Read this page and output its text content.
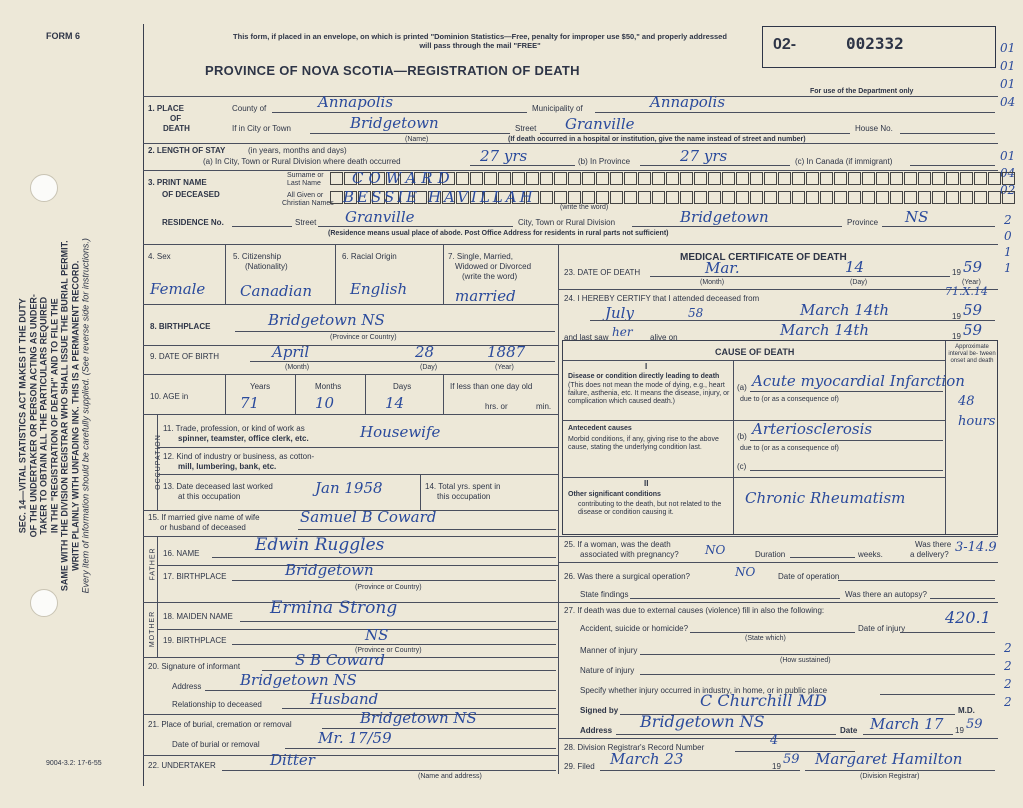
SEC. 14—VITAL STATISTICS ACT MAKES IT THE DUTY OF THE UNDERTAKER OR PERSON ACTING AS UNDER- TAKER TO OBTAIN ALL THE PARTICULARS REQUIRED IN THE "REGISTRATION OF DEATH" AND TO FILE THE SAME WITH THE DIVISION REGISTRAR WHO SHALL ISSUE THE BURIAL PERMIT. WRITE PLAINLY WITH UNFADING INK. THIS IS A PERMANENT RECORD. Every item of information should be carefully supplied. (See reverse side for instructions.)
FORM 6
9004-3.2: 17-6-55
This form, if placed in an envelope, on which is printed "Dominion Statistics—Free, penalty for improper use $50," and properly addressed will pass through the mail "FREE"
PROVINCE OF NOVA SCOTIA—REGISTRATION OF DEATH
02-	002332
For use of the Department only
01
01
01
04
01
04
02
2
0
1
1
2
2
2
2
1. PLACE
OF
DEATH
County of	Annapolis	Municipality of	Annapolis
If in City or Town	Bridgetown
(Name)
Street Granville	House No.
(If death occurred in a hospital or institution, give the name instead of street and number)
2. LENGTH OF STAY	(in years, months and days)
(a) In City, Town or Rural Division where death occurred	27 yrs	(b) In Province	27 yrs	(c) In Canada (if immigrant)
3. PRINT NAME
OF DECEASED
Surname or
Last Name
All Given or
Christian Names
(write the word)
COWARD
BESSIE HAVILLAH
RESIDENCE No.	Street Granville	City, Town or Rural Division	Bridgetown	Province NS
(Residence means usual place of abode. Post Office Address for residents in rural parts not sufficient)
4. Sex	5. Citizenship
(Nationality)
6. Racial Origin	7. Single, Married,
Widowed or Divorced
(write the word)
Female Canadian	English	married
8. BIRTHPLACE	Bridgetown NS
(Province or Country)
9. DATE OF BIRTH	April	28	1887
(Month)	(Day)	(Year)
10. AGE in
Years	Months	Days	If less than one day old
hrs. or	min.
71	10	14
OCCUPATION
11. Trade, profession, or kind of work as
spinner, teamster, office clerk, etc.	Housewife
12. Kind of industry or business, as cotton-
mill, lumbering, bank, etc.
13. Date deceased last worked
at this occupation	Jan 1958	14. Total yrs. spent in
this occupation
15. If married give name of wife
or husband of deceased
Samuel B Coward
FATHER 16. NAME	Edwin Ruggles
17. BIRTHPLACE	Bridgetown
(Province or Country)
MOTHER 18. MAIDEN NAME Ermina Strong
19. BIRTHPLACE	NS
(Province or Country)
20. Signature of informant	S B Coward
Address	Bridgetown NS
Relationship to deceased	Husband
21. Place of burial, cremation or removal	Bridgetown NS
Date of burial or removal	Mr. 17/59
22. UNDERTAKER	Ditter
(Name and address)
MEDICAL CERTIFICATE OF DEATH
23. DATE OF DEATH	Mar.	14	19 59
(Month)	(Day)	(Year)
24. I HEREBY CERTIFY that I attended deceased from
71.X.14
July	58	March 14th	19 59
and last saw her alive on	March 14th	19 59
CAUSE OF DEATH	Approximate interval be- tween onset and death
I
Disease or condition directly leading to death
(This does not mean the mode of dying, e.g., heart failure, asthenia, etc. It means the disease, injury, or complication which caused death.)
(a) Acute myocardial Infarction
48 hours
due to (or as a consequence of)
Antecedent causes
Morbid conditions, if any, giving rise to the above cause, stating the underlying condition last.
(b) Arteriosclerosis
due to (or as a consequence of)
(c)
II
Other significant conditions
contributing to the death, but not related to the disease or condition causing it.
Chronic Rheumatism
25. If a woman, was the death
associated with pregnancy? NO	Duration	weeks.
Was there
a delivery? 3-14.9
26. Was there a surgical operation?	NO	Date of operation
State findings	Was there an autopsy?
27. If death was due to external causes (violence) fill in also the following:
Accident, suicide or homicide?
(State which)
Date of injury
420.1
Manner of injury
(How sustained)
Nature of injury
Specify whether injury occurred in industry, in home, or in public place
Signed by
C Churchill MD
M.D.
Address Bridgetown NS	Date March 17 19 59
28. Division Registrar's Record Number	4
29. Filed March 23	19 59 Margaret Hamilton
(Division Registrar)
